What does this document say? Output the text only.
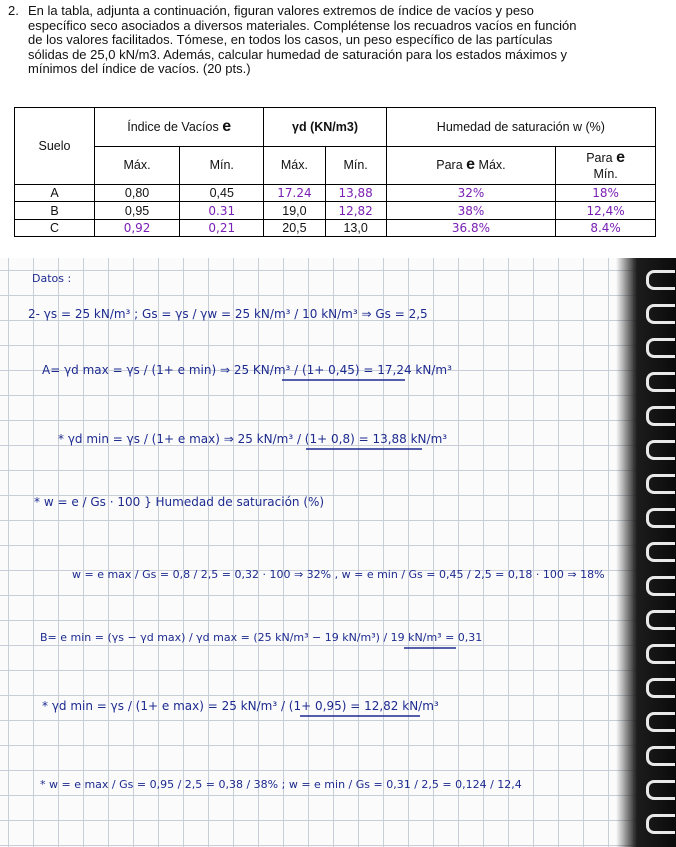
2. En la tabla, adjunta a continuación, figuran valores extremos de índice de vacíos y peso
específico seco asociados a diversos materiales. Complétense los recuadros vacíos en función
de los valores facilitados. Tómese, en todos los casos, un peso específico de las partículas
sólidas de 25,0 kN/m3. Además, calcular humedad de saturación para los estados máximos y
mínimos del índice de vacíos. (20 pts.)
Suelo	Índice de Vacíos e		γd (KN/m3)		Humedad de saturación w (%)	
	Máx.	Mín.	Máx.	Mín.	Para e Máx.	Para e
Mín.
A	0,80	0,45	17.24	13,88	32%	18%
B	0,95	0.31	19,0	12,82	38%	12,4%
C	0,92	0,21	20,5	13,0	36.8%	8.4%
Datos :
2- γs = 25 kN/m³ ; Gs = γs / γw = 25 kN/m³ / 10 kN/m³ ⇒ Gs = 2,5
A= γd max = γs / (1+ e min) ⇒ 25 KN/m³ / (1+ 0,45) = 17,24 kN/m³
* γd min = γs / (1+ e max) ⇒ 25 kN/m³ / (1+ 0,8) = 13,88 kN/m³
* w = e / Gs · 100 } Humedad de saturación (%)
w = e max / Gs = 0,8 / 2,5 = 0,32 · 100 ⇒ 32% , w = e min / Gs = 0,45 / 2,5 = 0,18 · 100 ⇒ 18%
B= e min = (γs − γd max) / γd max = (25 kN/m³ − 19 kN/m³) / 19 kN/m³ = 0,31
* γd min = γs / (1+ e max) = 25 kN/m³ / (1+ 0,95) = 12,82 kN/m³
* w = e max / Gs = 0,95 / 2,5 = 0,38 / 38% ; w = e min / Gs = 0,31 / 2,5 = 0,124 / 12,4
